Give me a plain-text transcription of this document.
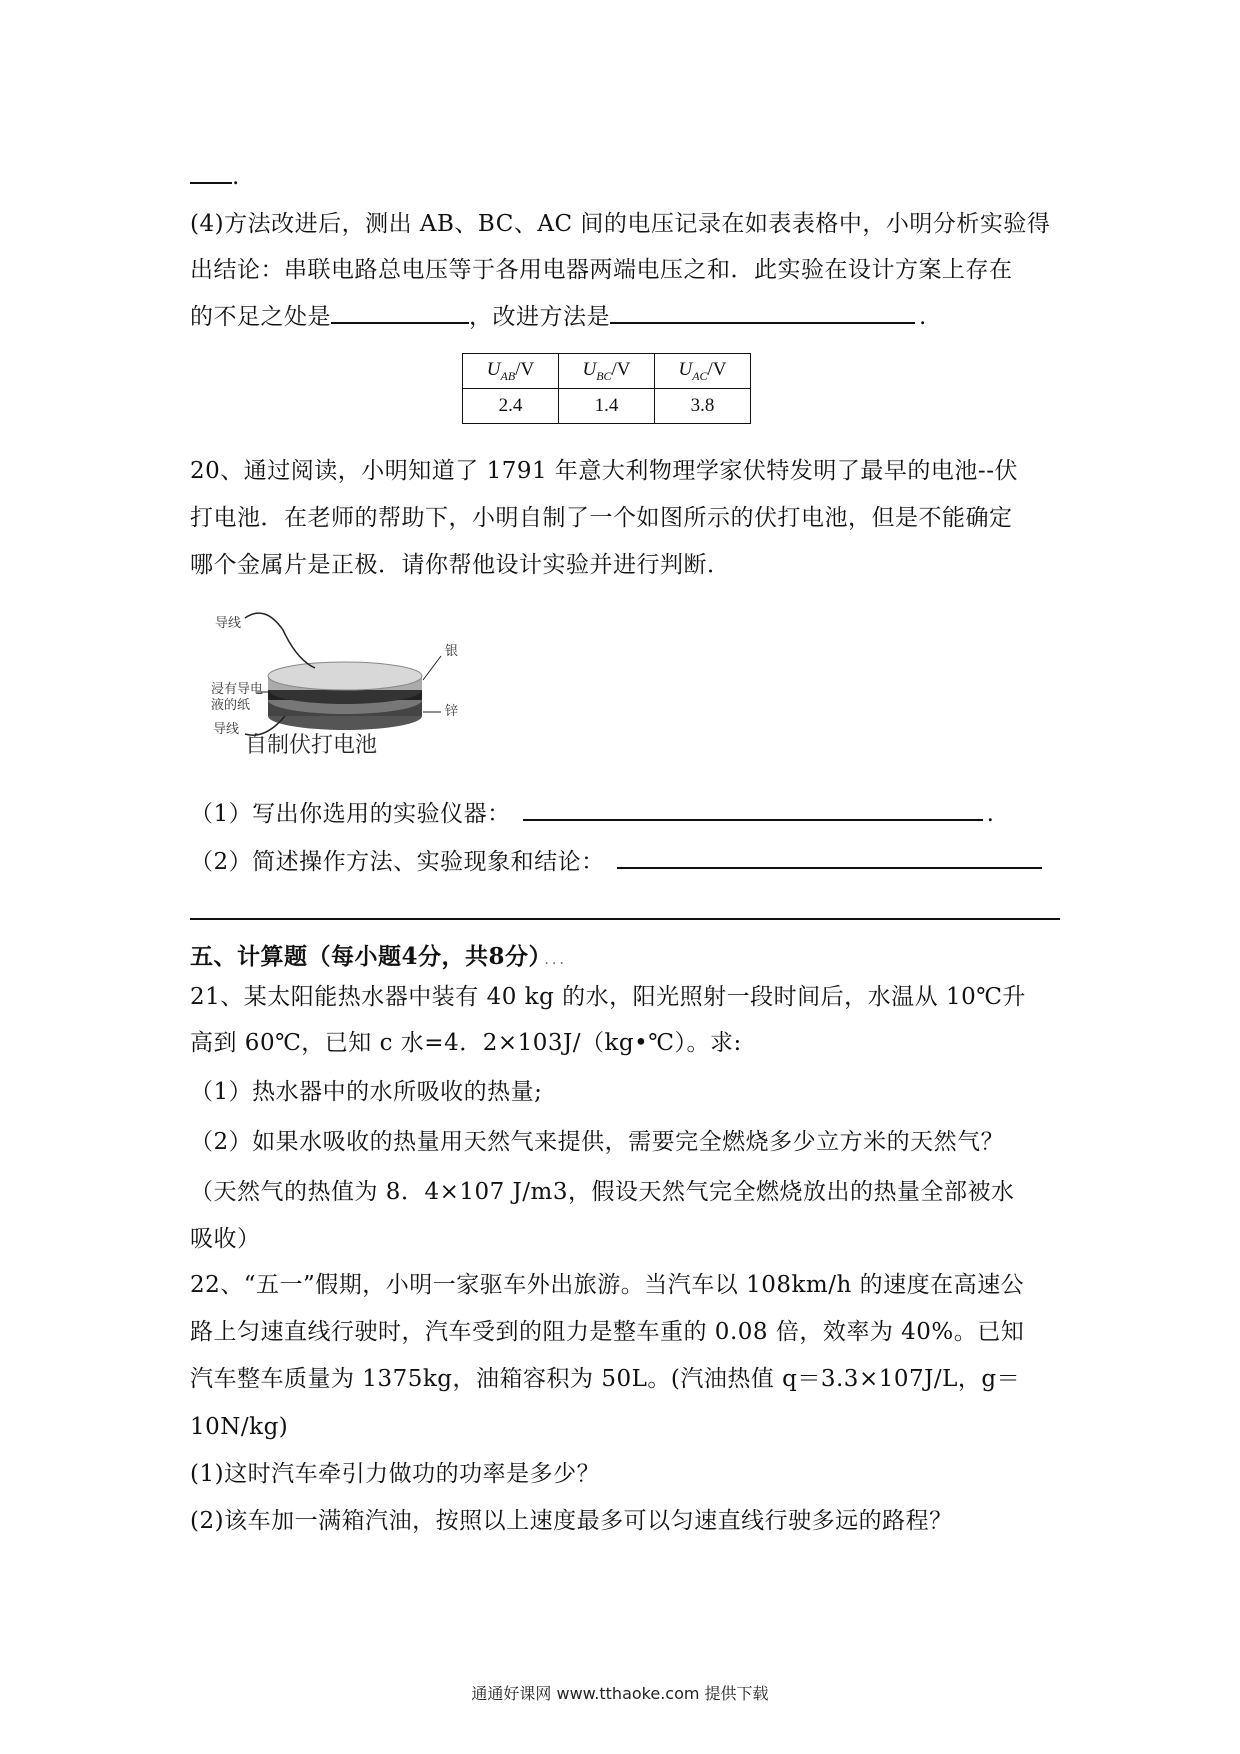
.
(4)方法改进后，测出 AB、BC、AC 间的电压记录在如表表格中，小明分析实验得
出结论：串联电路总电压等于各用电器两端电压之和．此实验在设计方案上存在
的不足之处是	，改进方法是	.
$U_{AB}/V$	$U_{BC}/V$	$U_{AC}/V$
2.4	1.4	3.8
20、通过阅读，小明知道了 1791 年意大利物理学家伏特发明了最早的电池--伏
打电池．在老师的帮助下，小明自制了一个如图所示的伏打电池，但是不能确定
哪个金属片是正极．请你帮他设计实验并进行判断．
导线
浸有导电
液的纸
导线
银
锌
自制伏打电池
（1）写出你选用的实验仪器：	.
（2）简述操作方法、实验现象和结论：
五、计算题（每小题4分，共8分） ．．．
21、某太阳能热水器中装有 40 kg 的水，阳光照射一段时间后，水温从 10℃升
高到 60℃，已知 c 水=4．2×103J/（kg•℃）。求:
（1）热水器中的水所吸收的热量;
（2）如果水吸收的热量用天然气来提供，需要完全燃烧多少立方米的天然气？
（天然气的热值为 8．4×107 J/m3，假设天然气完全燃烧放出的热量全部被水
吸收）
22、“五一”假期，小明一家驱车外出旅游。当汽车以 108km/h 的速度在高速公
路上匀速直线行驶时，汽车受到的阻力是整车重的 0.08 倍，效率为 40%。已知
汽车整车质量为 1375kg，油箱容积为 50L。(汽油热值 q＝3.3×107J/L，g＝
10N/kg)
(1)这时汽车牵引力做功的功率是多少？
(2)该车加一满箱汽油，按照以上速度最多可以匀速直线行驶多远的路程？
通通好课网 www.tthaoke.com 提供下载
